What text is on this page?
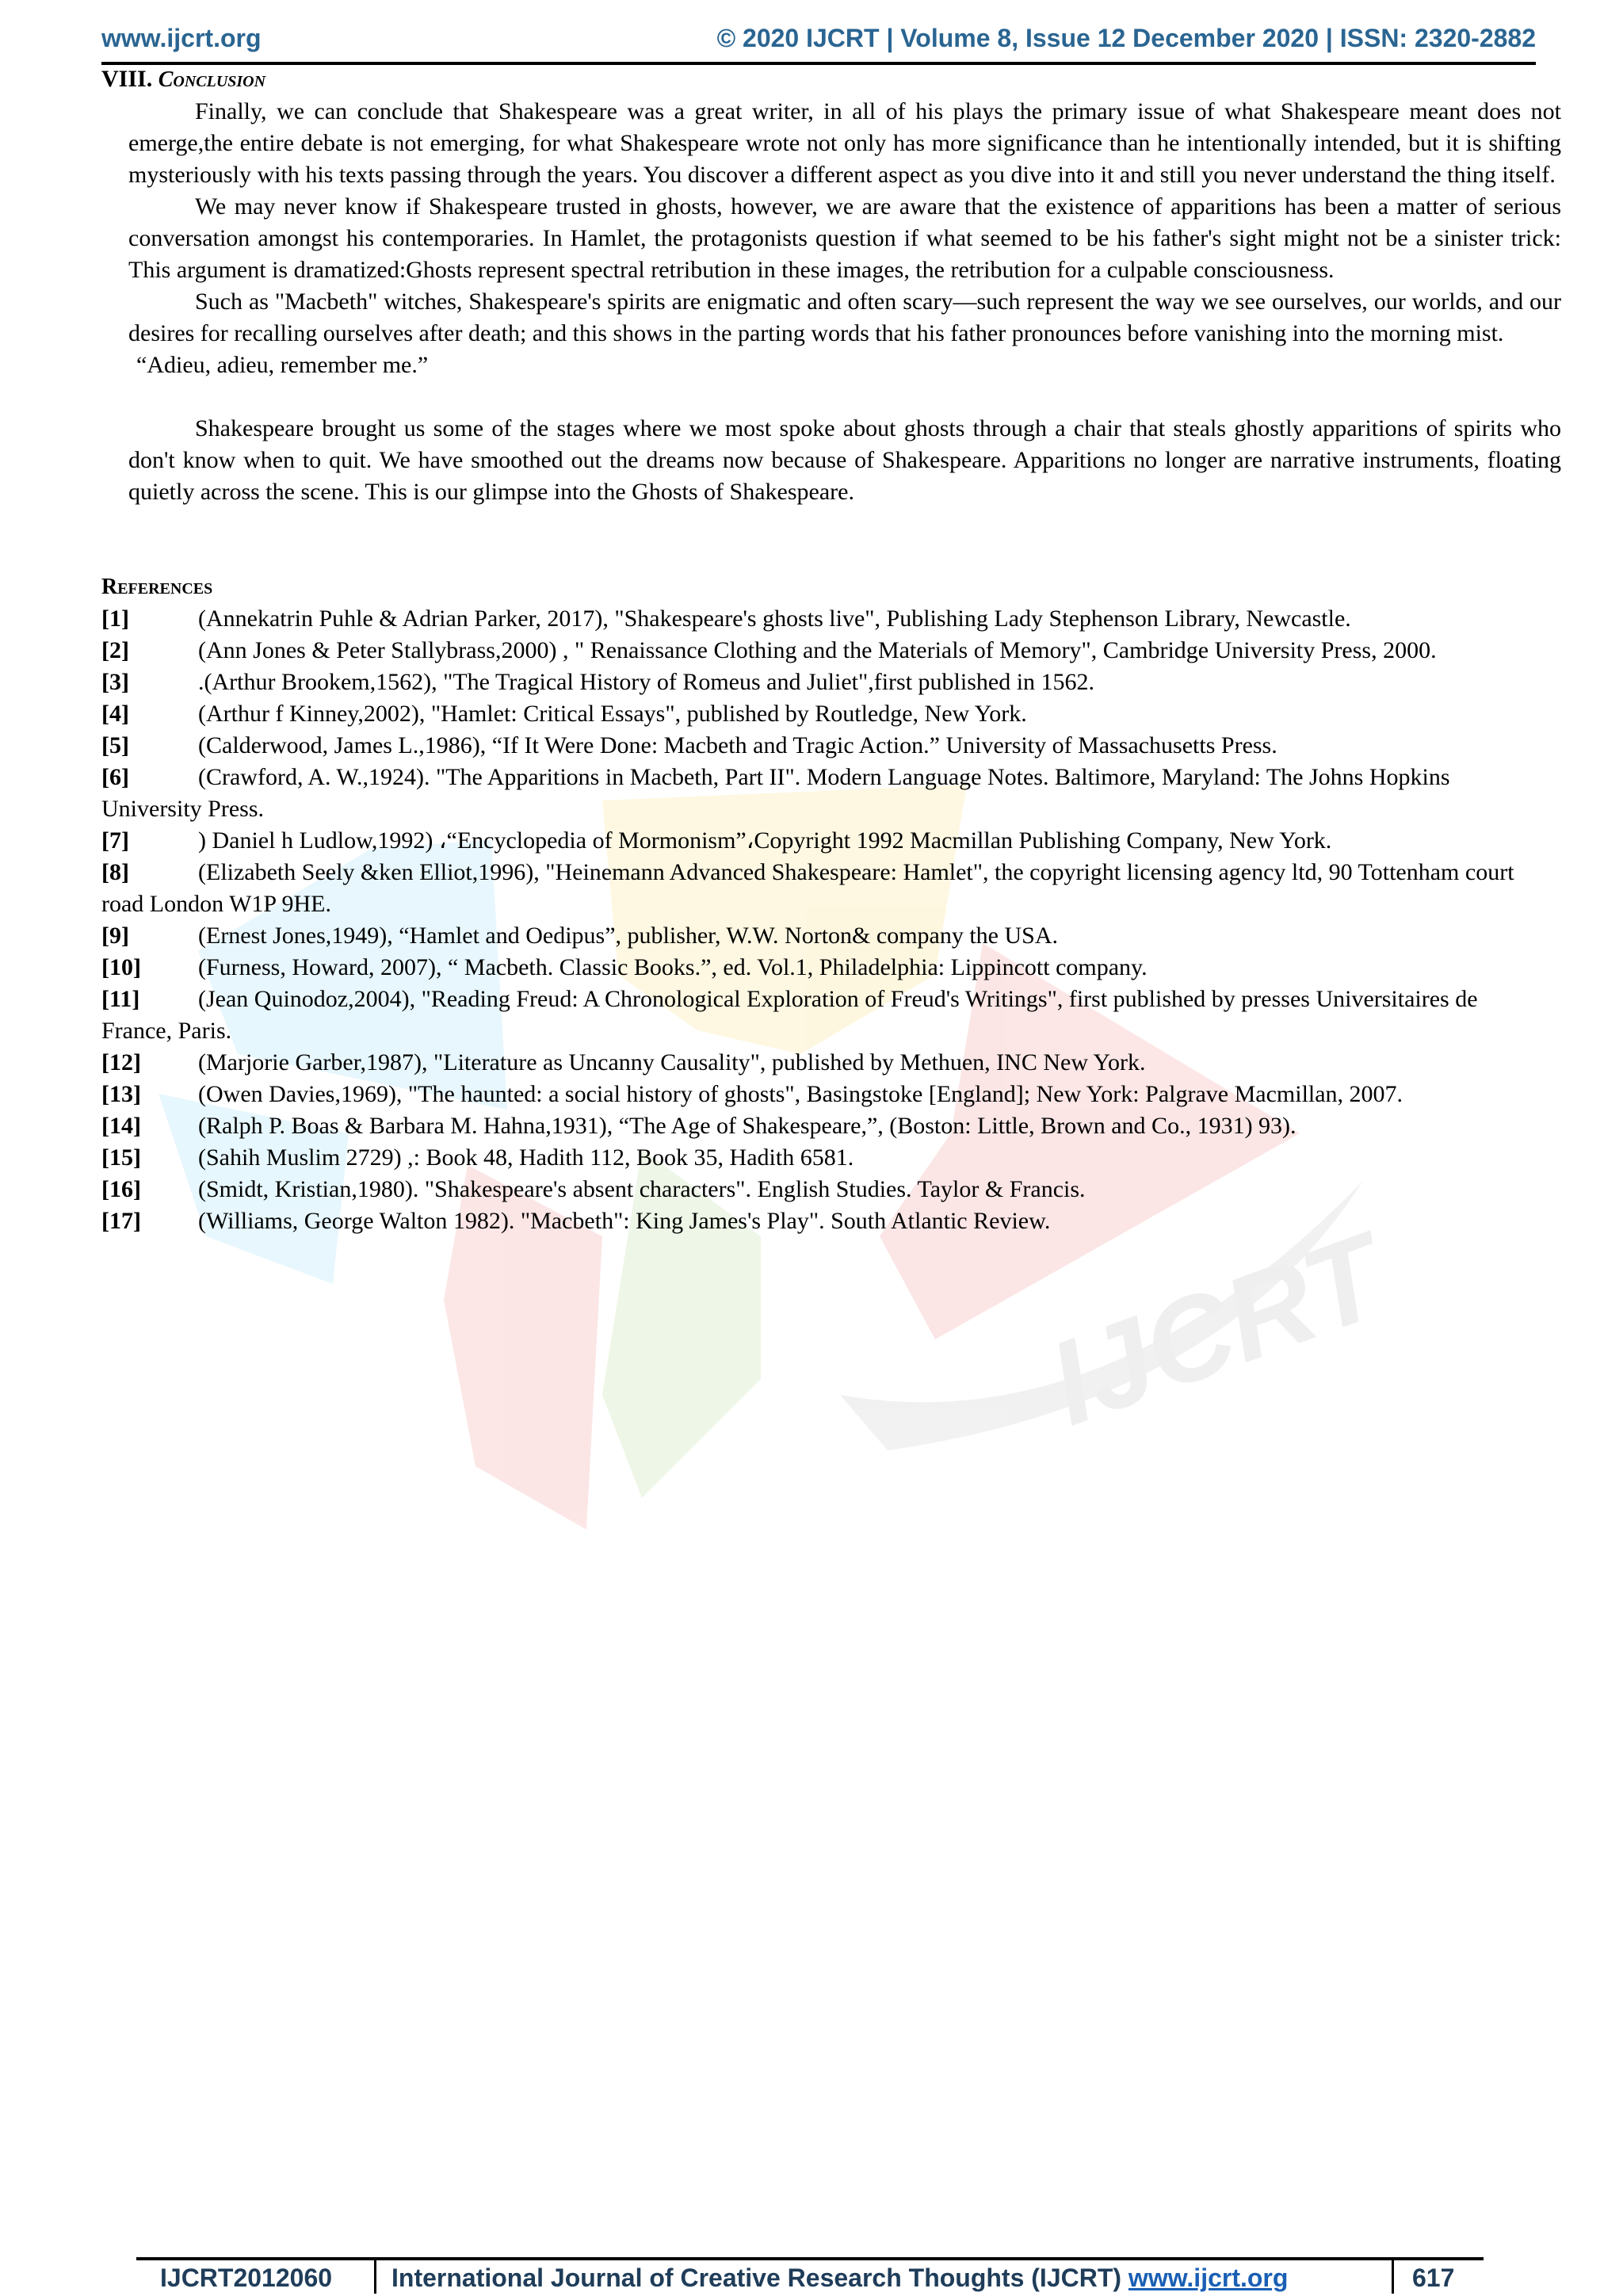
IJCRT
www.ijcrt.org	© 2020 IJCRT | Volume 8, Issue 12 December 2020 | ISSN: 2320-2882
VIII. Conclusion

Finally, we can conclude that Shakespeare was a great writer, in all of his plays the primary issue of what Shakespeare meant does not emerge,the entire debate is not emerging, for what Shakespeare wrote not only has more significance than he intentionally intended, but it is shifting mysteriously with his texts passing through the years. You discover a different aspect as you dive into it and still you never understand the thing itself.

We may never know if Shakespeare trusted in ghosts, however, we are aware that the existence of apparitions has been a matter of serious conversation amongst his contemporaries. In Hamlet, the protagonists question if what seemed to be his father's sight might not be a sinister trick: This argument is dramatized:Ghosts represent spectral retribution in these images, the retribution for a culpable consciousness.

Such as "Macbeth" witches, Shakespeare's spirits are enigmatic and often scary—such represent the way we see ourselves, our worlds, and our desires for recalling ourselves after death; and this shows in the parting words that his father pronounces before vanishing into the morning mist.

“Adieu, adieu, remember me.”

Shakespeare brought us some of the stages where we most spoke about ghosts through a chair that steals ghostly apparitions of spirits who don't know when to quit. We have smoothed out the dreams now because of Shakespeare. Apparitions no longer are narrative instruments, floating quietly across the scene. This is our glimpse into the Ghosts of Shakespeare.

References

[1]	(Annekatrin Puhle & Adrian Parker, 2017), "Shakespeare's ghosts live", Publishing Lady Stephenson Library, Newcastle.

[2]	(Ann Jones & Peter Stallybrass,2000) , " Renaissance Clothing and the Materials of Memory", Cambridge University Press, 2000.

[3]	.(Arthur Brookem,1562), "The Tragical History of Romeus and Juliet",first published in 1562.

[4]	(Arthur f Kinney,2002), "Hamlet: Critical Essays", published by Routledge, New York.

[5]	(Calderwood, James L.,1986), “If It Were Done: Macbeth and Tragic Action.” University of Massachusetts Press.

[6]	(Crawford, A. W.,1924). "The Apparitions in Macbeth, Part II". Modern Language Notes. Baltimore, Maryland: The Johns Hopkins University Press.

[7]	) Daniel h Ludlow,1992) ،“Encyclopedia of Mormonism”،Copyright 1992 Macmillan Publishing Company, New York.

[8]	(Elizabeth Seely &ken Elliot,1996), "Heinemann Advanced Shakespeare: Hamlet", the copyright licensing agency ltd, 90 Tottenham court road London W1P 9HE.

[9]	(Ernest Jones,1949), “Hamlet and Oedipus”, publisher, W.W. Norton& company the USA.

[10] (Furness, Howard, 2007), “ Macbeth. Classic Books.”, ed. Vol.1, Philadelphia: Lippincott company.

[11] (Jean Quinodoz,2004), "Reading Freud: A Chronological Exploration of Freud's Writings", first published by presses Universitaires de France, Paris.

[12] (Marjorie Garber,1987), "Literature as Uncanny Causality", published by Methuen, INC New York.

[13] (Owen Davies,1969), "The haunted: a social history of ghosts", Basingstoke [England]; New York: Palgrave Macmillan, 2007.

[14] (Ralph P. Boas & Barbara M. Hahna,1931), “The Age of Shakespeare,”, (Boston: Little, Brown and Co., 1931) 93).

[15] (Sahih Muslim 2729) ,: Book 48, Hadith 112, Book 35, Hadith 6581.

[16] (Smidt, Kristian,1980). "Shakespeare's absent characters". English Studies. Taylor & Francis.

[17] (Williams, George Walton 1982). "Macbeth": King James's Play". South Atlantic Review.

IJCRT2012060 International Journal of Creative Research Thoughts (IJCRT) www.ijcrt.org	617
